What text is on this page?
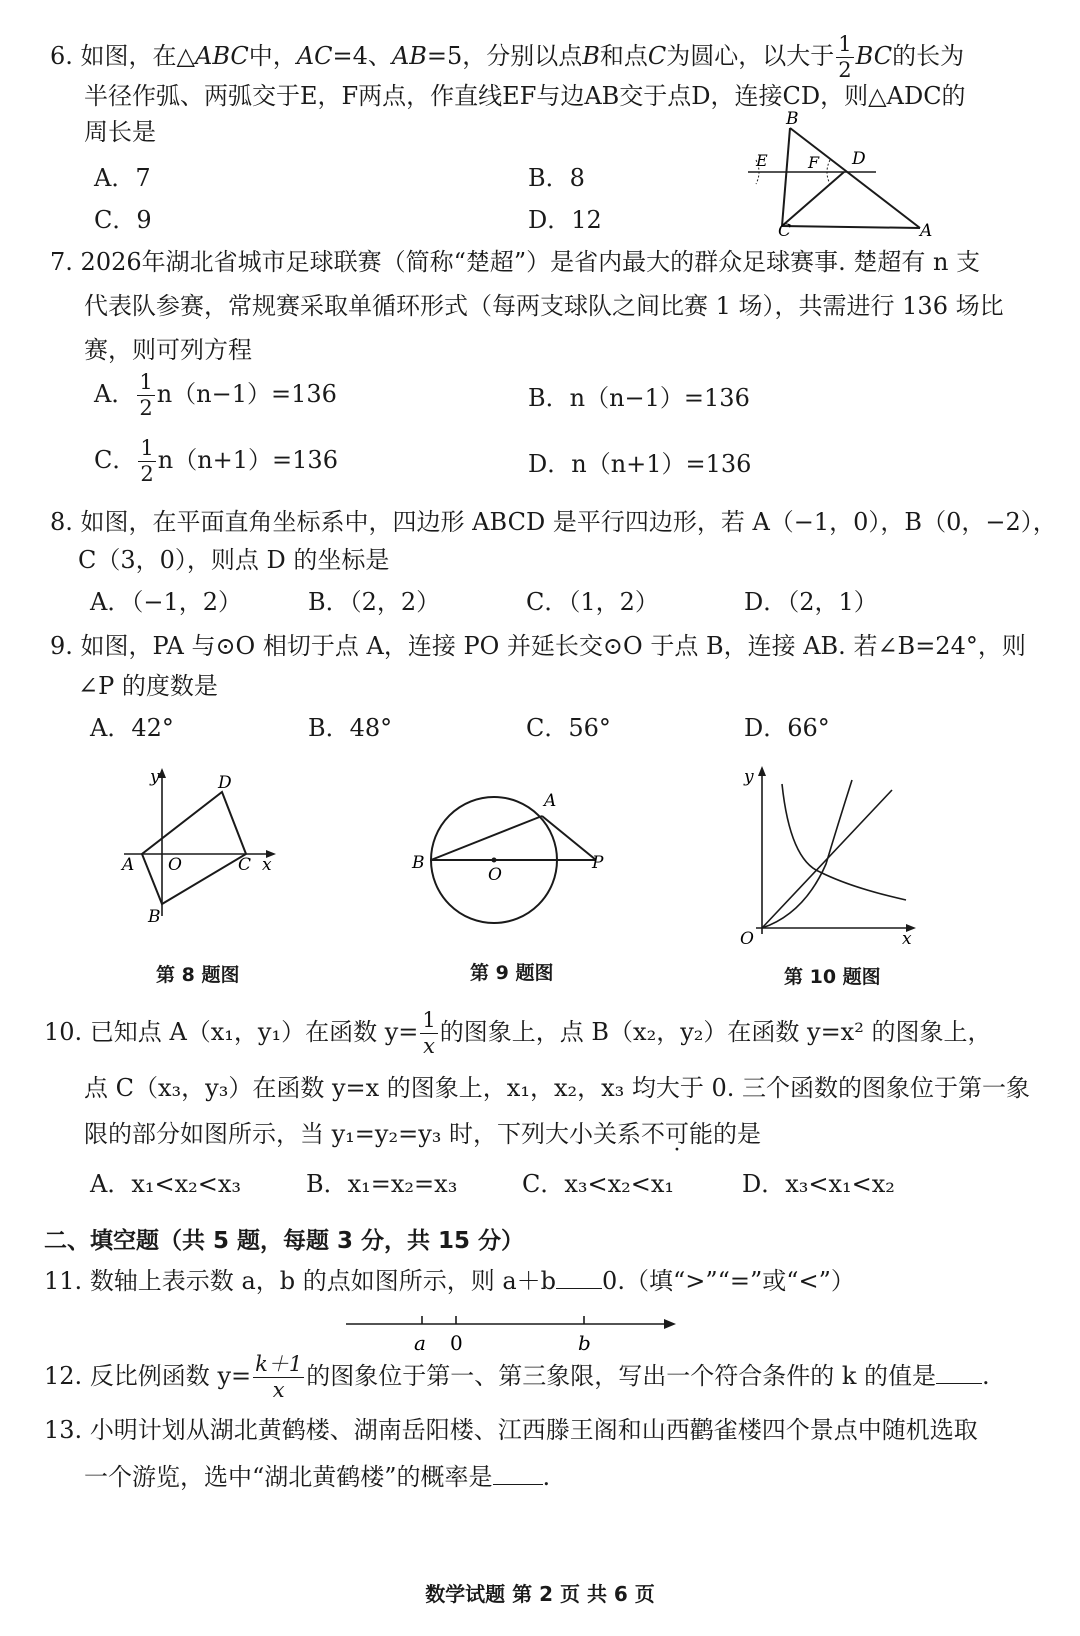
6. 如图，在△ABC中，AC=4、AB=5，分别以点B和点C为圆心，以大于 $\frac{1}{2}$ BC的长为
半径作弧、两弧交于E，F两点，作直线EF与边AB交于点D，连接CD，则△ADC的
周长是
A．7	B．8
C．9	D．12
B
E	F D
C	A
7. 2026年湖北省城市足球联赛（简称“楚超”）是省内最大的群众足球赛事. 楚超有 n 支
代表队参赛，常规赛采取单循环形式（每两支球队之间比赛 1 场），共需进行 136 场比
赛，则可列方程
A． $\frac{1}{2} n(n-1)=136$	B．n（n−1）=136
C． $\frac{1}{2} n(n+1)=136$	D．n（n+1）=136
8. 如图，在平面直角坐标系中，四边形 ABCD 是平行四边形，若 A（−1，0），B（0，−2），
C（3，0），则点 D 的坐标是
A．（−1，2）	B．（2，2）	C．（1，2）	D．（2，1）
9. 如图，PA 与⊙O 相切于点 A，连接 PO 并延长交⊙O 于点 B，连接 AB. 若∠B=24°，则
∠P 的度数是
A．42°	B．48°	C．56°	D．66°
y	D
A O	C x
B
第 8 题图
A
B
O
P
第 9 题图
y
O	x
第 10 题图
10. 已知点 A（x₁，y₁）在函数 $y= \frac{1}{x}$ 的图象上，点 B（x₂，y₂）在函数 y=x² 的图象上，
点 C（x₃，y₃）在函数 y=x 的图象上，x₁，x₂，x₃ 均大于 0. 三个函数的图象位于第一象
限的部分如图所示，当 y₁=y₂=y₃ 时，下列大小关系不可能的是
A．x₁<x₂<x₃	B．x₁=x₂=x₃	C．x₃<x₂<x₁	D．x₃<x₁<x₂
二、填空题（共 5 题，每题 3 分，共 15 分）
11. 数轴上表示数 a，b 的点如图所示，则 a＋b 0.（填“>”“=”或“<”）
a 0	b
12. 反比例函数 $y= \frac{k+1}{x}$ 的图象位于第一、第三象限，写出一个符合条件的 k 的值是 .
13. 小明计划从湖北黄鹤楼、湖南岳阳楼、江西滕王阁和山西鹳雀楼四个景点中随机选取
一个游览，选中“湖北黄鹤楼”的概率是 .
数学试题 第 2 页 共 6 页
